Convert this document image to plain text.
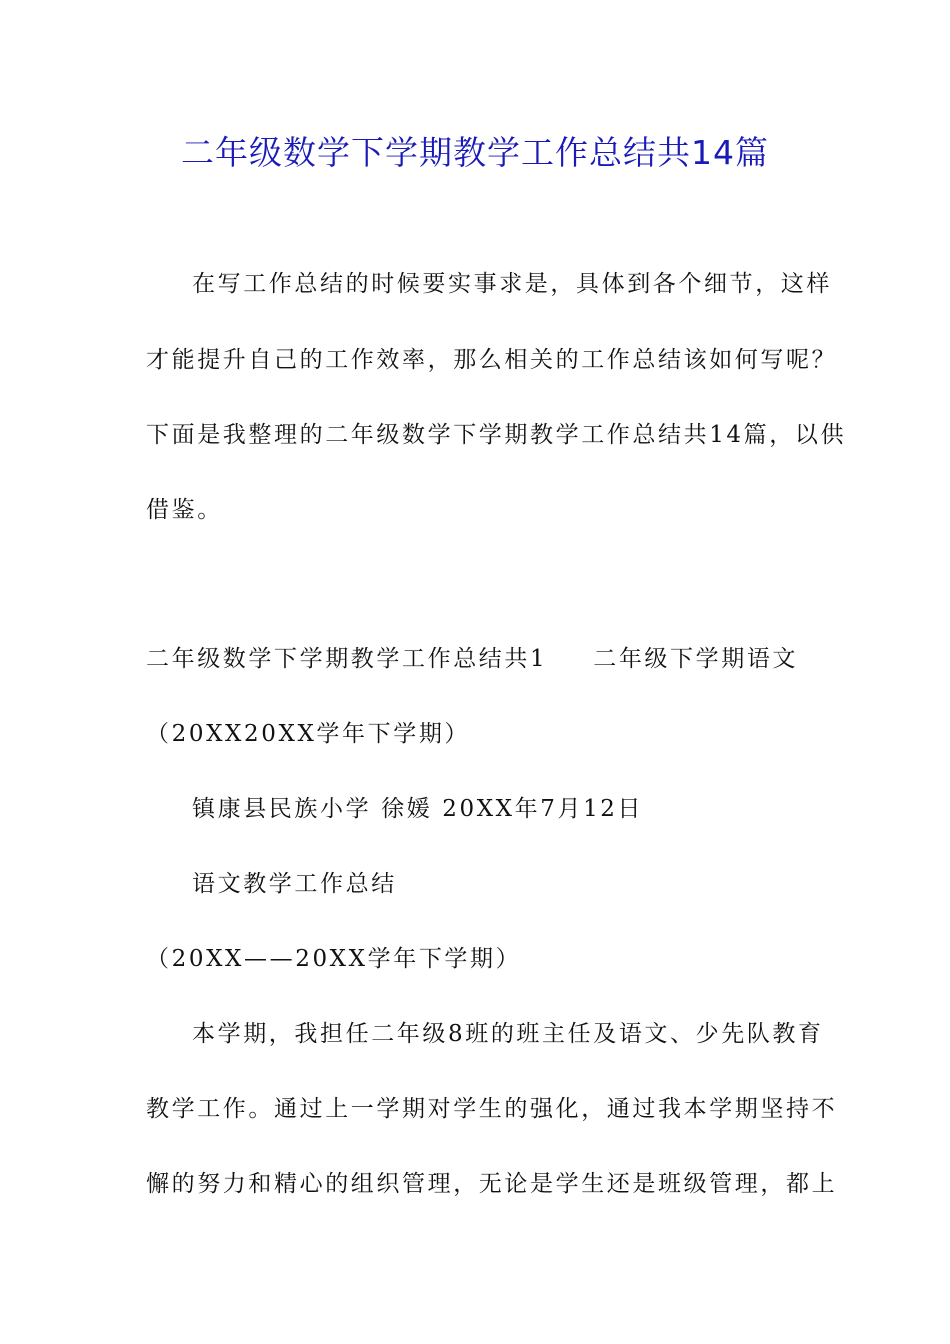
二年级数学下学期教学工作总结共14篇
在写工作总结的时候要实事求是，具体到各个细节，这样
才能提升自己的工作效率，那么相关的工作总结该如何写呢？
下面是我整理的二年级数学下学期教学工作总结共14篇，以供
借鉴。
二年级数学下学期教学工作总结共1 二年级下学期语文
（20XX20XX学年下学期）
镇康县民族小学 徐媛 20XX年7月12日
语文教学工作总结
（20XX——20XX学年下学期）
本学期，我担任二年级8班的班主任及语文、少先队教育
教学工作。通过上一学期对学生的强化，通过我本学期坚持不
懈的努力和精心的组织管理，无论是学生还是班级管理，都上
